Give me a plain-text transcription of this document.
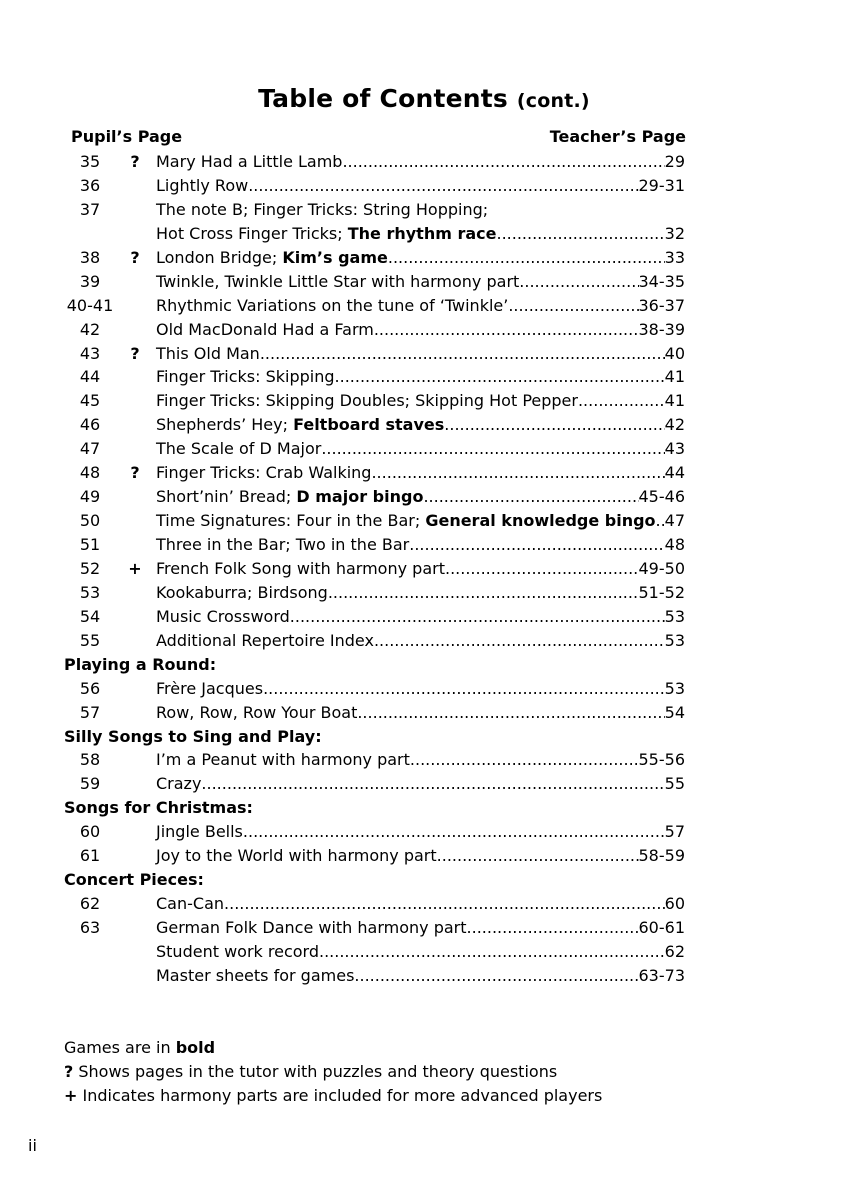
Table of Contents (cont.)
Pupil’s Page	Teacher’s Page
35	? Mary Had a Little Lamb .....	29
36	Lightly Row .....	29-31
37	The note B; Finger Tricks: String Hopping;
Hot Cross Finger Tricks; The rhythm race .....	32
38	? London Bridge; Kim’s game .....	33
39	Twinkle, Twinkle Little Star with harmony part .....	34-35
40-41	Rhythmic Variations on the tune of ‘Twinkle’ .....	36-37
42	Old MacDonald Had a Farm .....	38-39
43	? This Old Man .....	40
44	Finger Tricks: Skipping .....	41
45	Finger Tricks: Skipping Doubles; Skipping Hot Pepper .....	41
46	Shepherds’ Hey; Feltboard staves .....	42
47	The Scale of D Major .....	43
48	? Finger Tricks: Crab Walking .....	44
49	Short’nin’ Bread; D major bingo .....	45-46
50	Time Signatures: Four in the Bar; General knowledge bingo ..... 47
51	Three in the Bar; Two in the Bar .....	48
52	+ French Folk Song with harmony part .....	49-50
53	Kookaburra; Birdsong .....	51-52
54	Music Crossword .....	53
55	Additional Repertoire Index .....	53
Playing a Round:
56	Frère Jacques .....	53
57	Row, Row, Row Your Boat .....	54
Silly Songs to Sing and Play:
58	I’m a Peanut with harmony part .....	55-56
59	Crazy .....	55
Songs for Christmas:
60	Jingle Bells .....	57
61	Joy to the World with harmony part .....	58-59
Concert Pieces:
62	Can-Can .....	60
63	German Folk Dance with harmony part .....	60-61
Student work record .....	62
Master sheets for games .....	63-73
Games are in bold
? Shows pages in the tutor with puzzles and theory questions
+ Indicates harmony parts are included for more advanced players
ii
